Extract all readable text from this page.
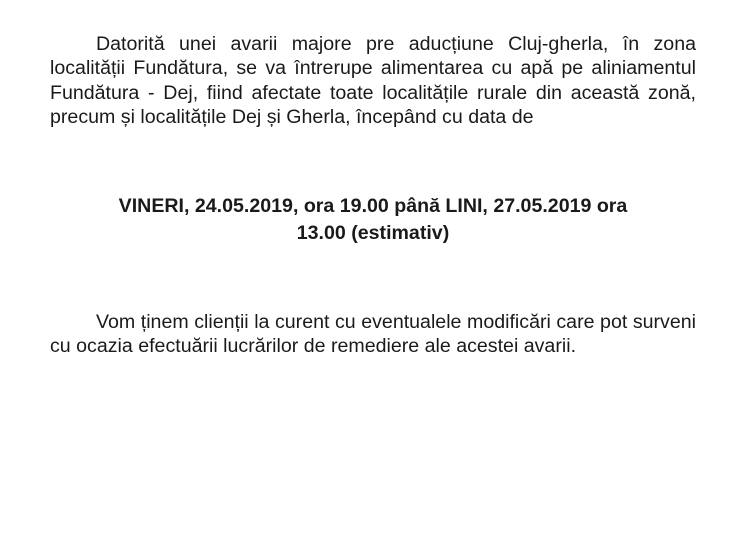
Datorită unei avarii majore pre aducțiune Cluj-gherla, în zona localității Fundătura, se va întrerupe alimentarea cu apă pe aliniamentul Fundătura - Dej, fiind afectate toate localitățile rurale din această zonă, precum și localitățile Dej și Gherla, începând cu data de

VINERI, 24.05.2019, ora 19.00 până LINI, 27.05.2019 ora
13.00 (estimativ)

Vom ținem clienții la curent cu eventualele modificări care pot surveni cu ocazia efectuării lucrărilor de remediere ale acestei avarii.
